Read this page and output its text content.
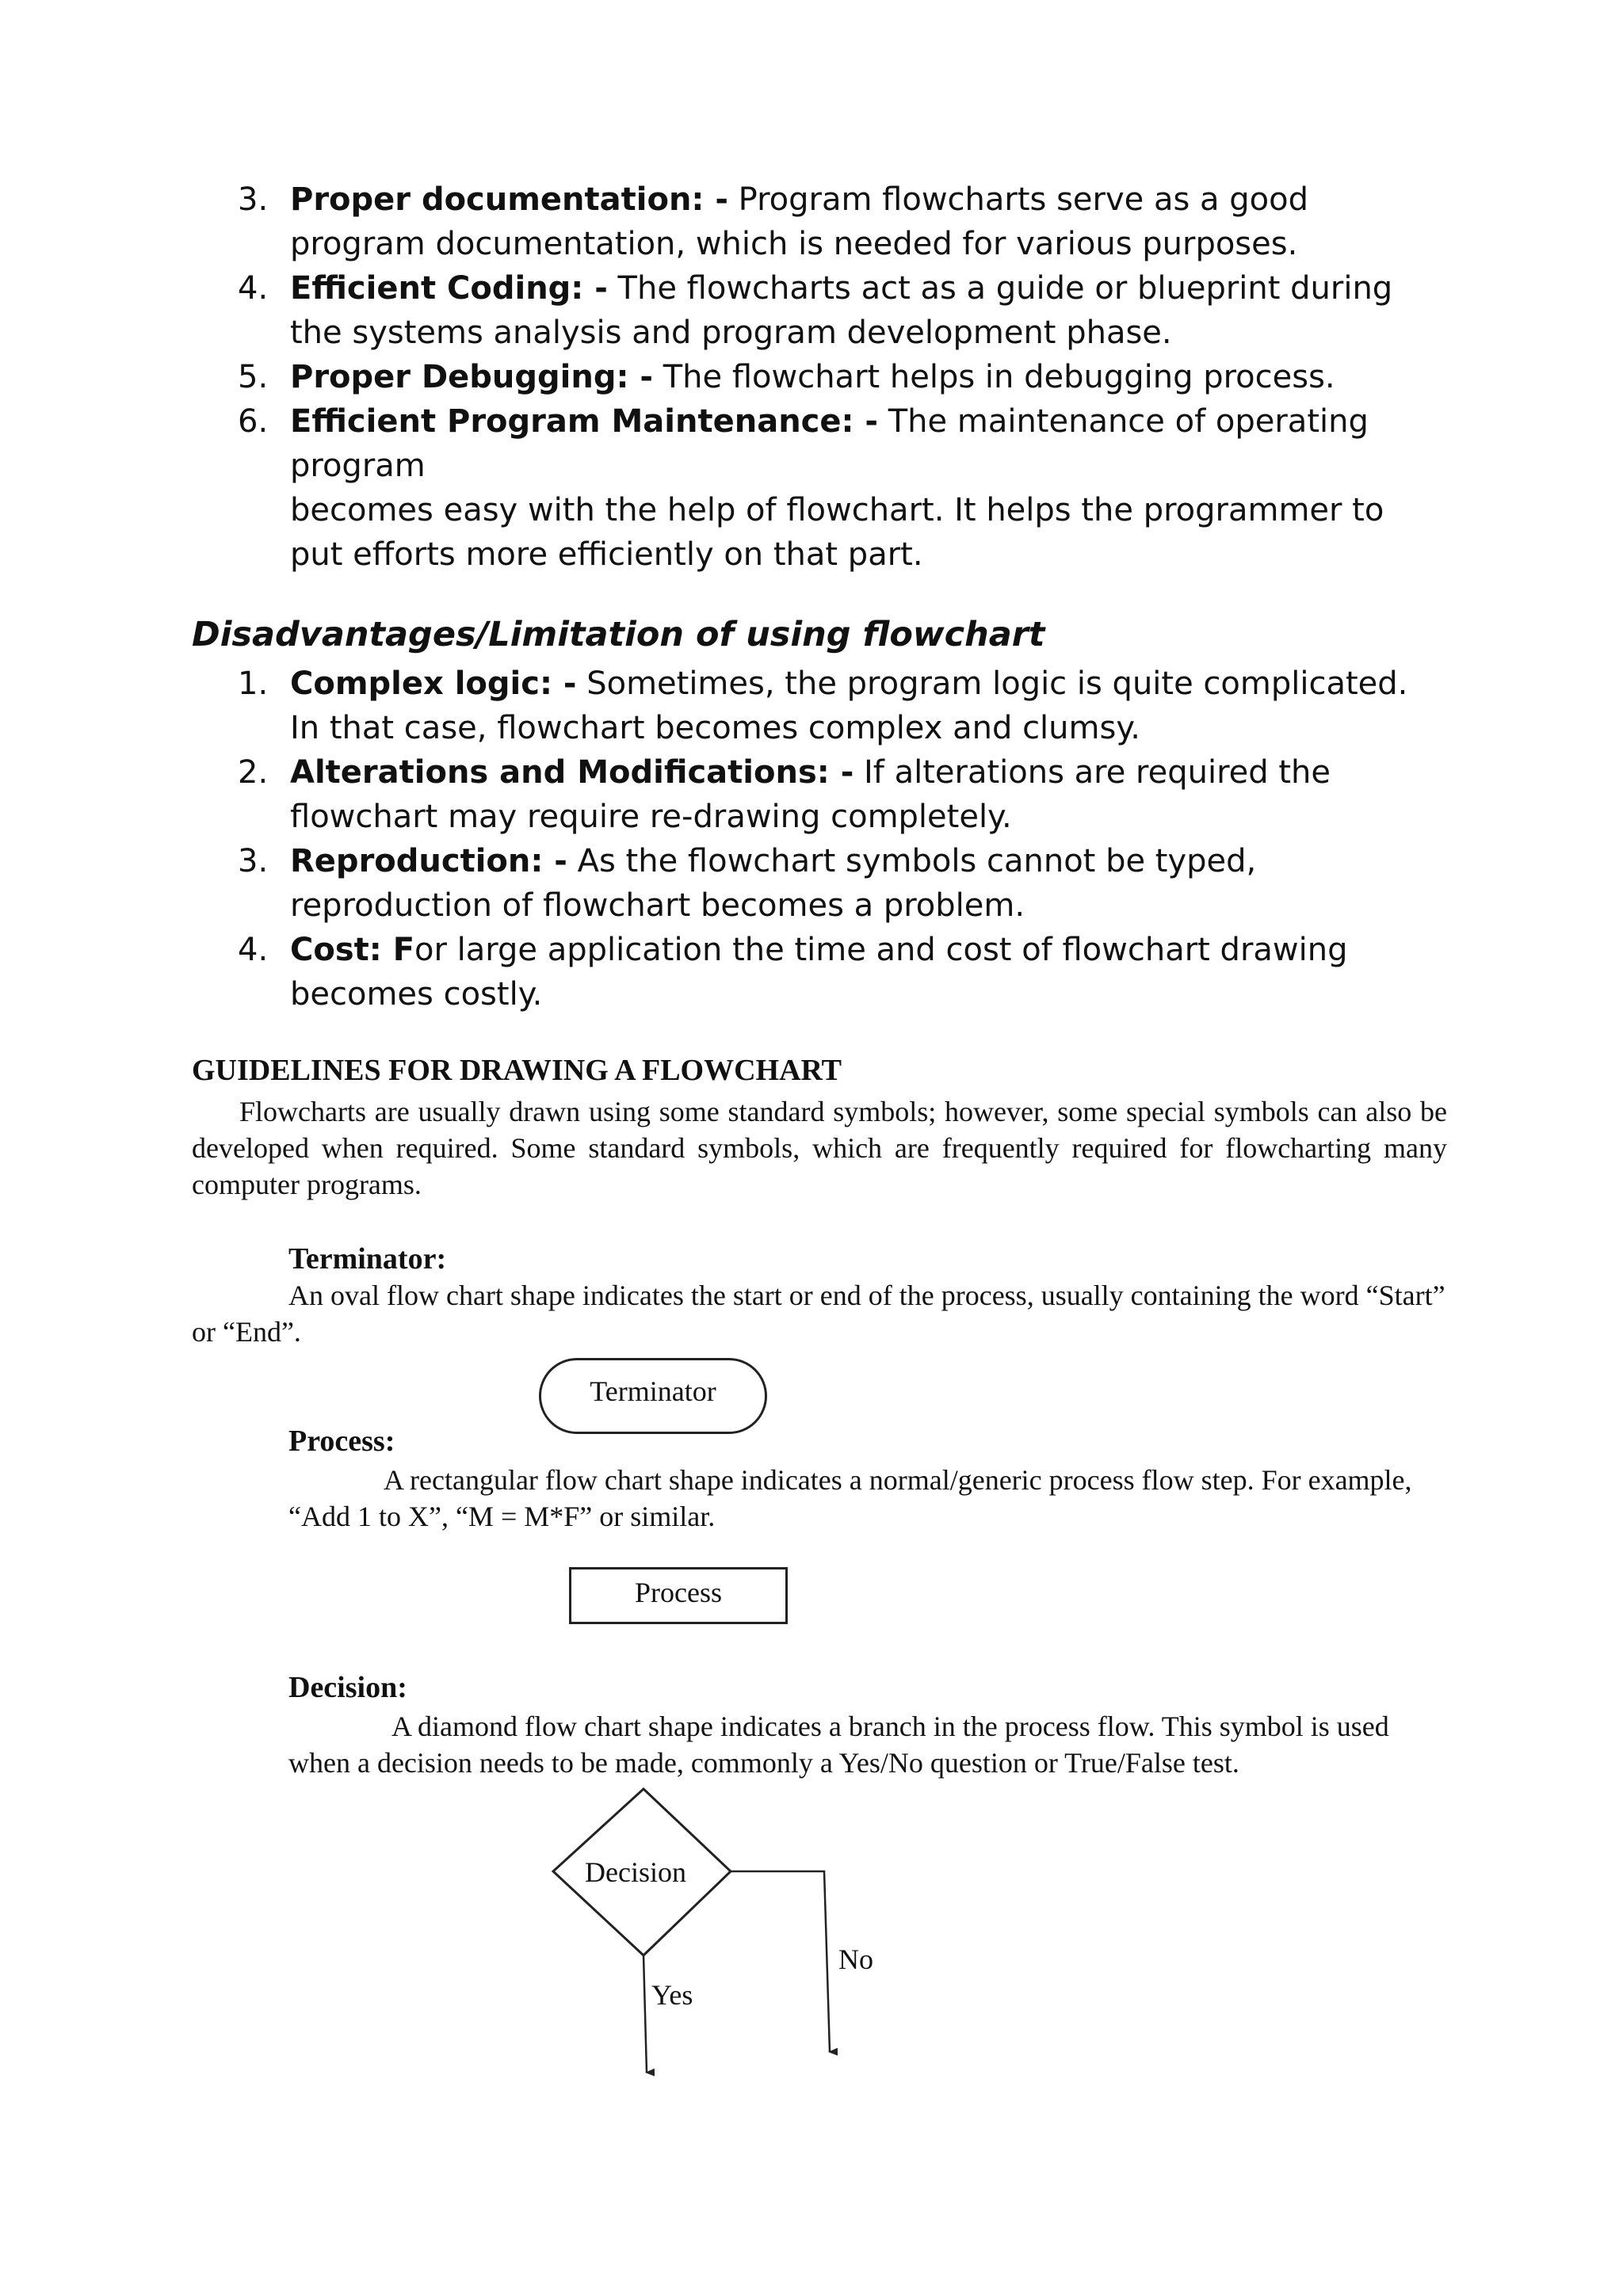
3. Proper documentation: - Program flowcharts serve as a good
program documentation, which is needed for various purposes.
4. Efficient Coding: - The flowcharts act as a guide or blueprint during
the systems analysis and program development phase.
5. Proper Debugging: - The flowchart helps in debugging process.
6. Efficient Program Maintenance: - The maintenance of operating
program
becomes easy with the help of flowchart. It helps the programmer to
put efforts more efficiently on that part.
Disadvantages/Limitation of using flowchart
1. Complex logic: - Sometimes, the program logic is quite complicated.
In that case, flowchart becomes complex and clumsy.
2. Alterations and Modifications: - If alterations are required the
flowchart may require re-drawing completely.
3. Reproduction: - As the flowchart symbols cannot be typed,
reproduction of flowchart becomes a problem.
4. Cost: For large application the time and cost of flowchart drawing
becomes costly.
GUIDELINES FOR DRAWING A FLOWCHART

Flowcharts are usually drawn using some standard symbols; however, some special symbols can also be developed when required. Some standard symbols, which are frequently required for flowcharting many computer programs.

Terminator:

An oval flow chart shape indicates the start or end of the process, usually containing the word “Start” or “End”.

Terminator

Process:

A rectangular flow chart shape indicates a normal/generic process flow step. For example, “Add 1 to X”, “M = M*F” or similar.

Process

Decision:

A diamond flow chart shape indicates a branch in the process flow. This symbol is used when a decision needs to be made, commonly a Yes/No question or True/False test.

Decision
No
Yes
